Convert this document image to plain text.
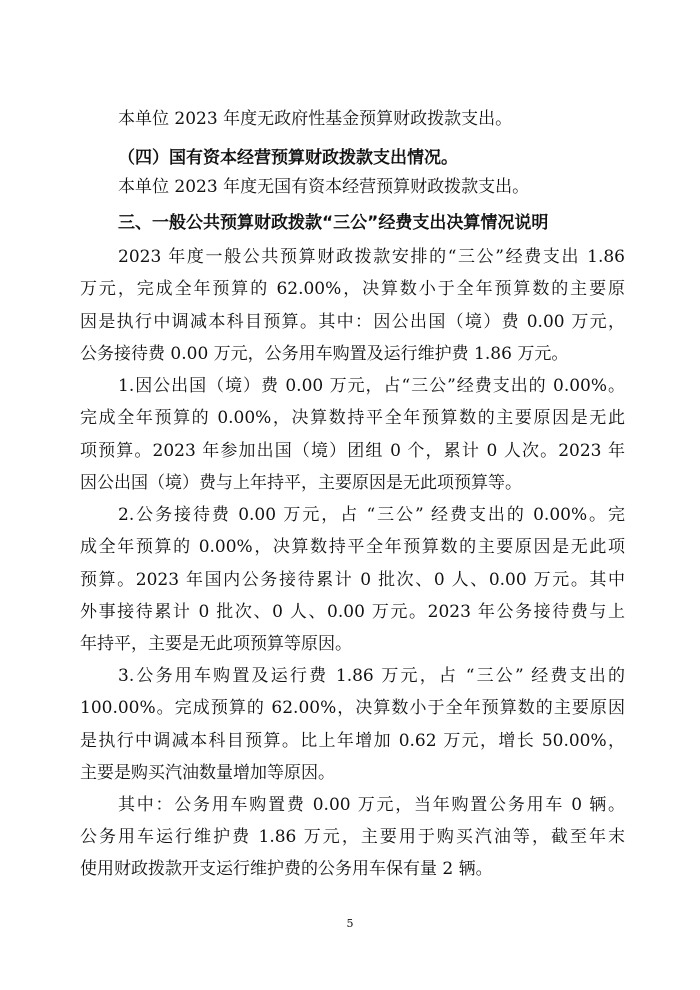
本单位 2023 年度无政府性基金预算财政拨款支出。
（四）国有资本经营预算财政拨款支出情况。
本单位 2023 年度无国有资本经营预算财政拨款支出。
三、一般公共预算财政拨款“三公”经费支出决算情况说明
2023 年度一般公共预算财政拨款安排的“三公”经费支出 1.86
万元，完成全年预算的 62.00%，决算数小于全年预算数的主要原
因是执行中调减本科目预算。其中：因公出国（境）费 0.00 万元，
公务接待费 0.00 万元，公务用车购置及运行维护费 1.86 万元。
1.因公出国（境）费 0.00 万元，占“三公”经费支出的 0.00%。
完成全年预算的 0.00%，决算数持平全年预算数的主要原因是无此
项预算。2023 年参加出国（境）团组 0 个，累计 0 人次。2023 年
因公出国（境）费与上年持平，主要原因是无此项预算等。
2.公务接待费 0.00 万元，占 “三公” 经费支出的 0.00%。完
成全年预算的 0.00%，决算数持平全年预算数的主要原因是无此项
预算。2023 年国内公务接待累计 0 批次、0 人、0.00 万元。其中
外事接待累计 0 批次、0 人、0.00 万元。2023 年公务接待费与上
年持平，主要是无此项预算等原因。
3.公务用车购置及运行费 1.86 万元，占 “三公” 经费支出的
100.00%。完成预算的 62.00%，决算数小于全年预算数的主要原因
是执行中调减本科目预算。比上年增加 0.62 万元，增长 50.00%，
主要是购买汽油数量增加等原因。
其中：公务用车购置费 0.00 万元，当年购置公务用车 0 辆。
公务用车运行维护费 1.86 万元，主要用于购买汽油等，截至年末
使用财政拨款开支运行维护费的公务用车保有量 2 辆。
5
